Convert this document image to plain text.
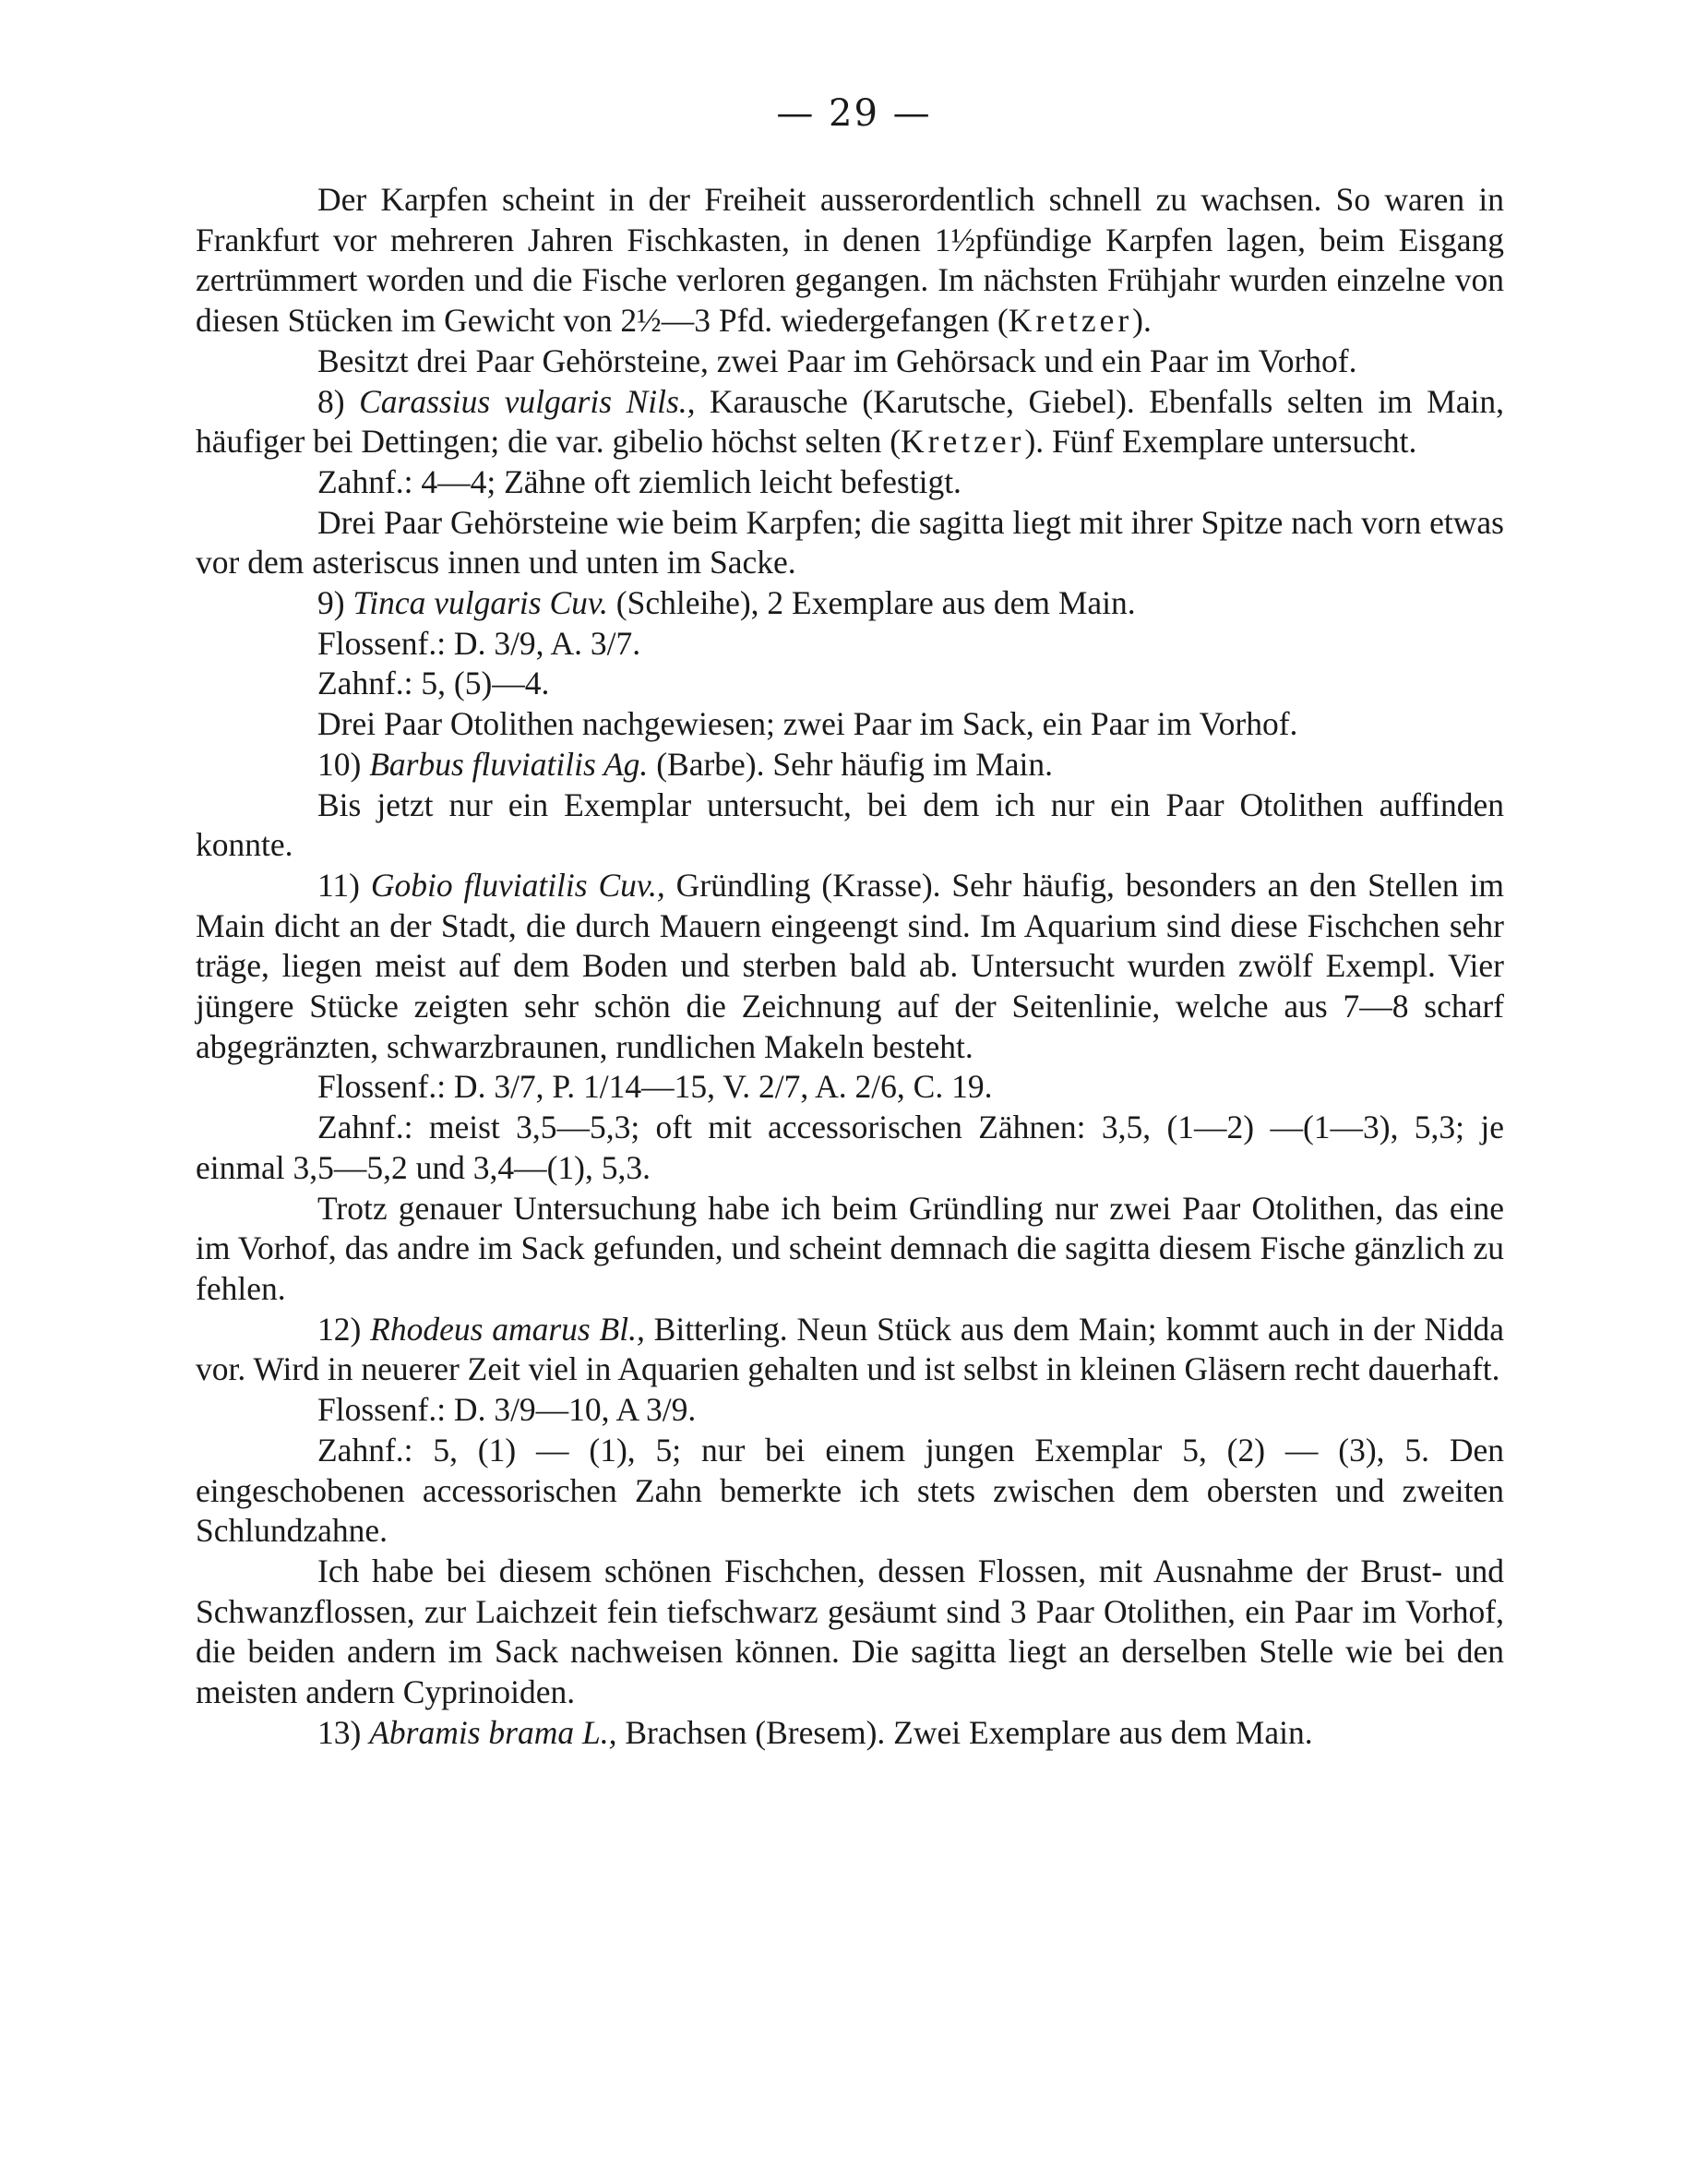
— 29 —

Der Karpfen scheint in der Freiheit ausserordentlich schnell zu wachsen. So waren in Frankfurt vor mehreren Jahren Fischkasten, in denen 1½pfündige Karpfen lagen, beim Eisgang zertrümmert worden und die Fische verloren gegangen. Im nächsten Frühjahr wurden einzelne von diesen Stücken im Gewicht von 2½—3 Pfd. wiedergefangen (Kretzer).

Besitzt drei Paar Gehörsteine, zwei Paar im Gehörsack und ein Paar im Vorhof.

8) Carassius vulgaris Nils., Karausche (Karutsche, Giebel). Ebenfalls selten im Main, häufiger bei Dettingen; die var. gibelio höchst selten (Kretzer). Fünf Exemplare untersucht.

Zahnf.: 4—4; Zähne oft ziemlich leicht befestigt.

Drei Paar Gehörsteine wie beim Karpfen; die sagitta liegt mit ihrer Spitze nach vorn etwas vor dem asteriscus innen und unten im Sacke.

9) Tinca vulgaris Cuv. (Schleihe), 2 Exemplare aus dem Main.

Flossenf.: D. 3/9, A. 3/7.

Zahnf.: 5, (5)—4.

Drei Paar Otolithen nachgewiesen; zwei Paar im Sack, ein Paar im Vorhof.

10) Barbus fluviatilis Ag. (Barbe). Sehr häufig im Main.

Bis jetzt nur ein Exemplar untersucht, bei dem ich nur ein Paar Otolithen auffinden konnte.

11) Gobio fluviatilis Cuv., Gründling (Krasse). Sehr häufig, besonders an den Stellen im Main dicht an der Stadt, die durch Mauern eingeengt sind. Im Aquarium sind diese Fischchen sehr träge, liegen meist auf dem Boden und sterben bald ab. Untersucht wurden zwölf Exempl. Vier jüngere Stücke zeigten sehr schön die Zeichnung auf der Seitenlinie, welche aus 7—8 scharf abgegränzten, schwarzbraunen, rundlichen Makeln besteht.

Flossenf.: D. 3/7, P. 1/14—15, V. 2/7, A. 2/6, C. 19.

Zahnf.: meist 3,5—5,3; oft mit accessorischen Zähnen: 3,5, (1—2) —(1—3), 5,3; je einmal 3,5—5,2 und 3,4—(1), 5,3.

Trotz genauer Untersuchung habe ich beim Gründling nur zwei Paar Otolithen, das eine im Vorhof, das andre im Sack gefunden, und scheint demnach die sagitta diesem Fische gänzlich zu fehlen.

12) Rhodeus amarus Bl., Bitterling. Neun Stück aus dem Main; kommt auch in der Nidda vor. Wird in neuerer Zeit viel in Aquarien gehalten und ist selbst in kleinen Gläsern recht dauerhaft.

Flossenf.: D. 3/9—10, A 3/9.

Zahnf.: 5, (1) — (1), 5; nur bei einem jungen Exemplar 5, (2) — (3), 5. Den eingeschobenen accessorischen Zahn bemerkte ich stets zwischen dem obersten und zweiten Schlundzahne.

Ich habe bei diesem schönen Fischchen, dessen Flossen, mit Ausnahme der Brust- und Schwanzflossen, zur Laichzeit fein tiefschwarz gesäumt sind 3 Paar Otolithen, ein Paar im Vorhof, die beiden andern im Sack nachweisen können. Die sagitta liegt an derselben Stelle wie bei den meisten andern Cyprinoiden.

13) Abramis brama L., Brachsen (Bresem). Zwei Exemplare aus dem Main.
